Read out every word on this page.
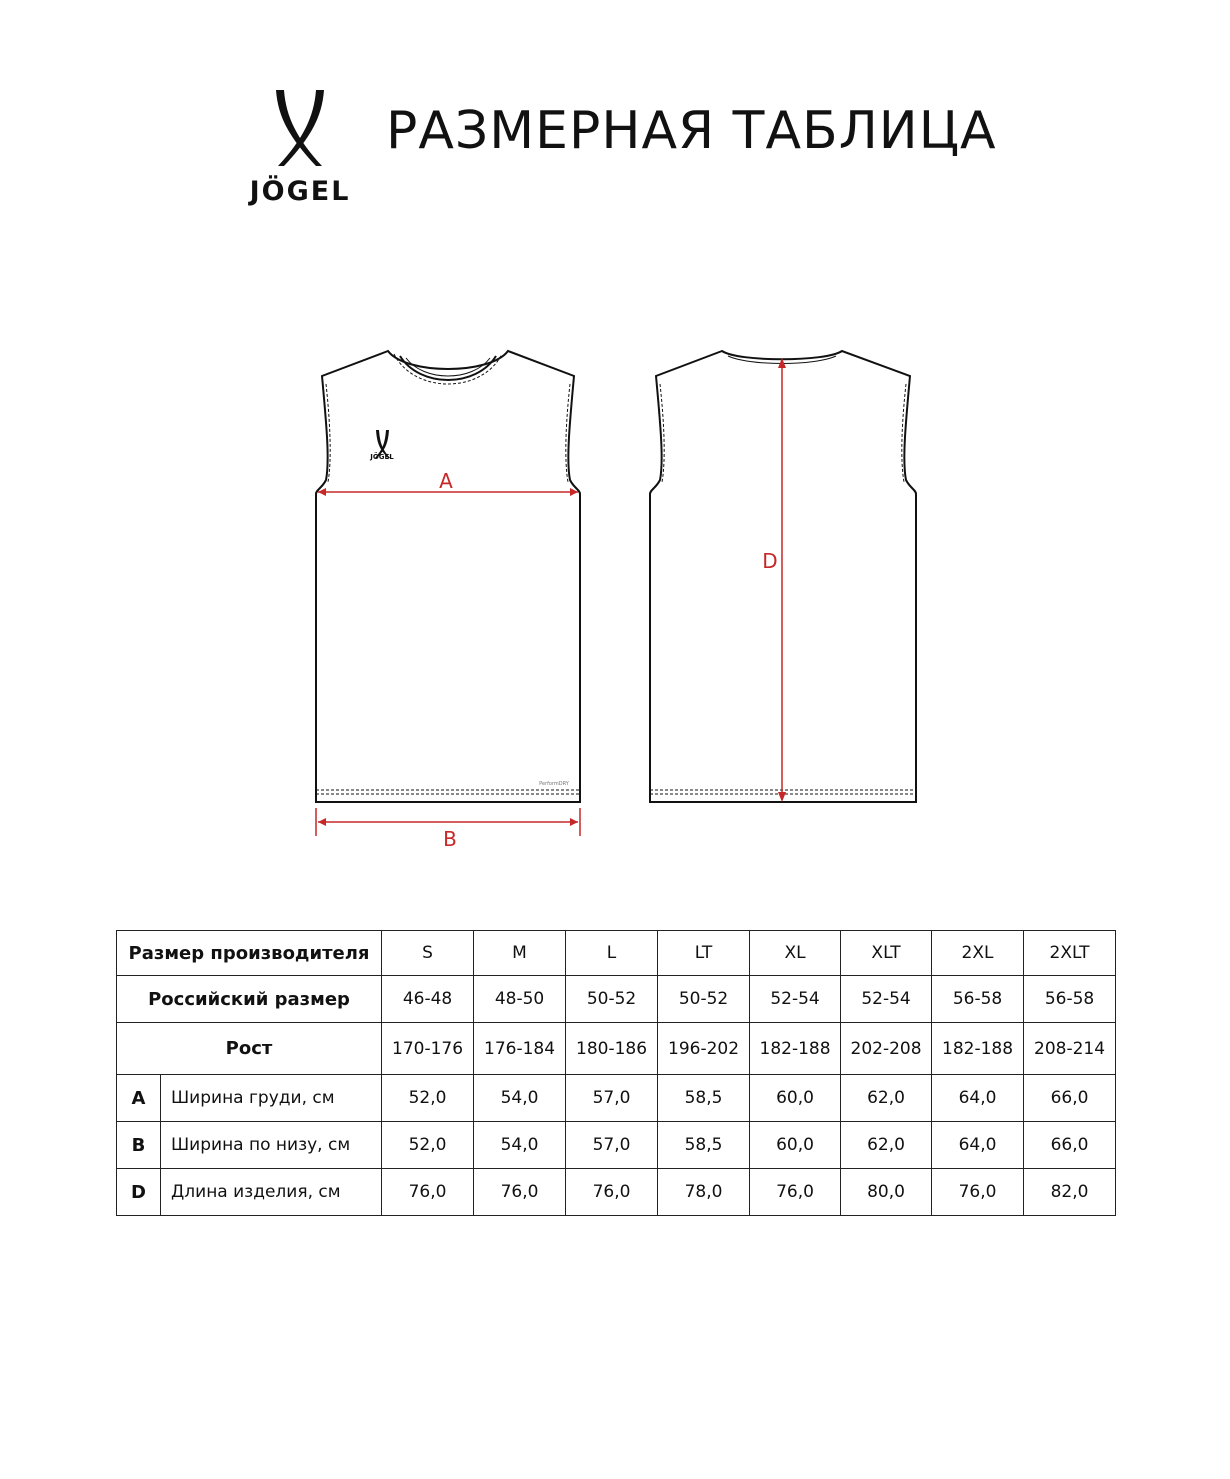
JÖGEL
РАЗМЕРНАЯ ТАБЛИЦА
JÖGEL
PerformDRY
A
B
D
Размер производителя		S	M	L	LT	XL	XLT	2XL	2XLT
Российский размер		46-48	48-50	50-52	50-52	52-54	52-54	56-58	56-58
Рост		170-176	176-184	180-186	196-202	182-188	202-208	182-188	208-214
A	Ширина груди, см	52,0	54,0	57,0	58,5	60,0	62,0	64,0	66,0
B	Ширина по низу, см	52,0	54,0	57,0	58,5	60,0	62,0	64,0	66,0
D	Длина изделия, см	76,0	76,0	76,0	78,0	76,0	80,0	76,0	82,0
